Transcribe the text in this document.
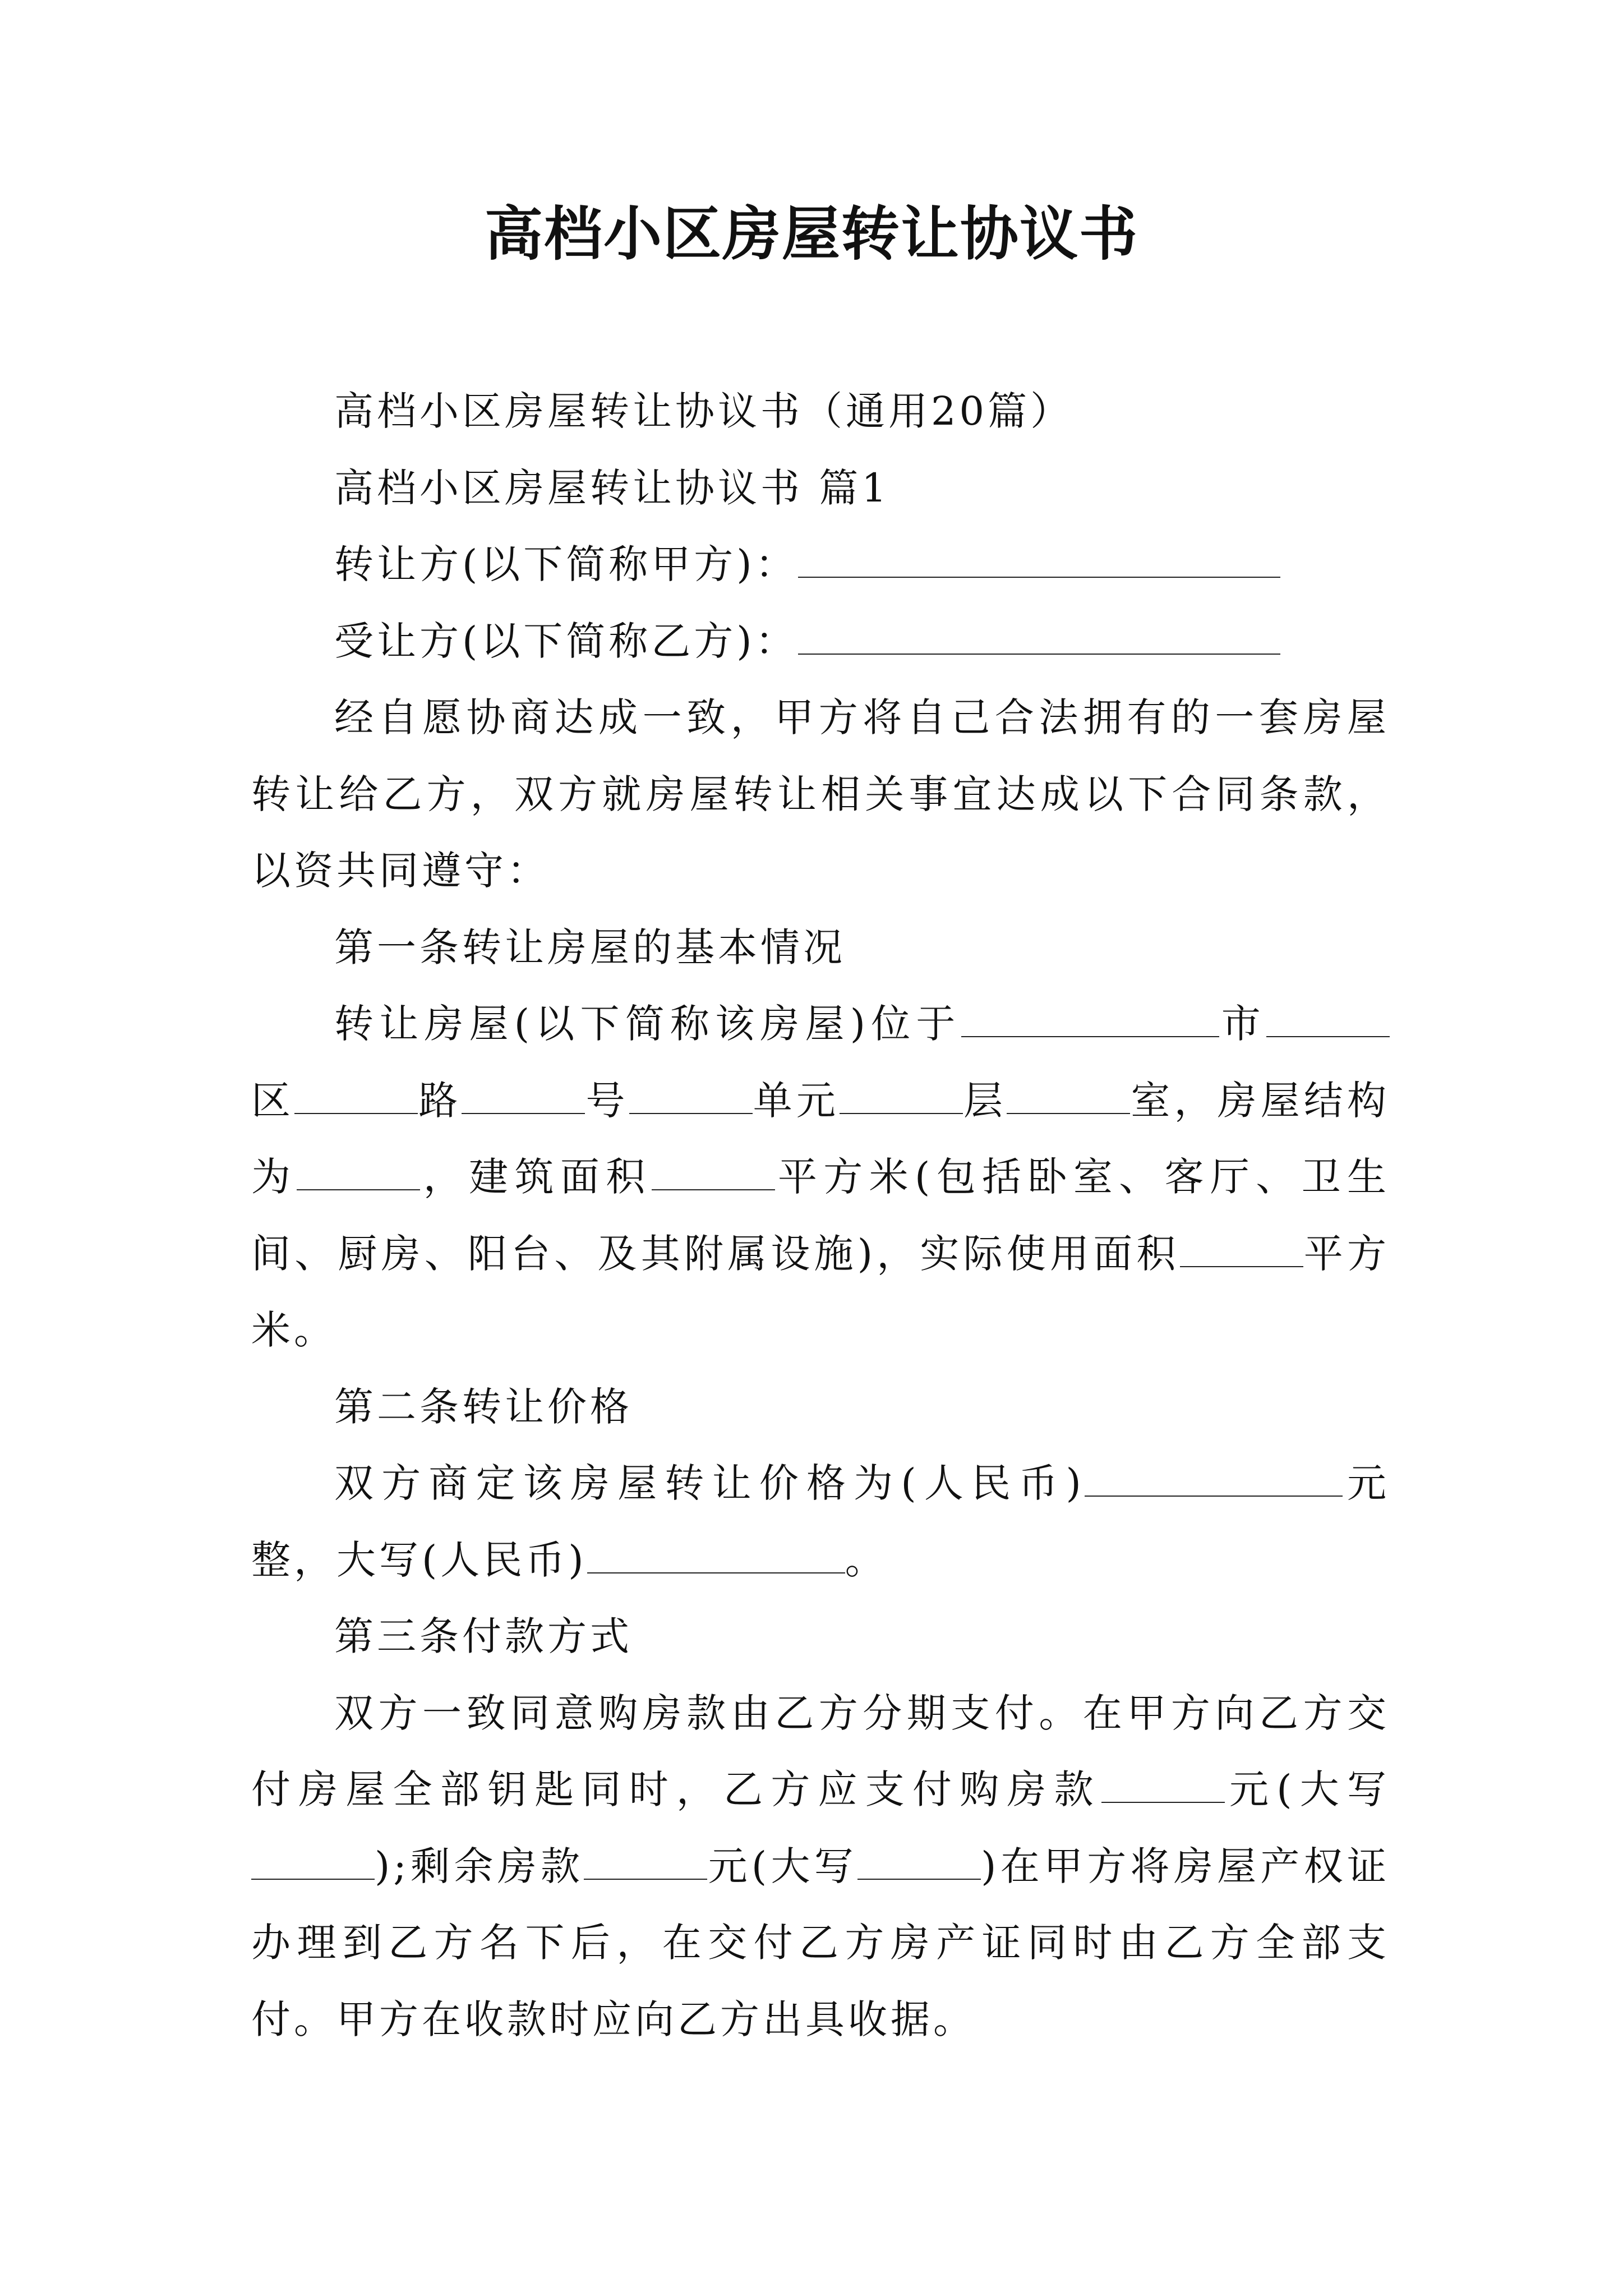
高档小区房屋转让协议书

高档小区房屋转让协议书（通用20篇）

高档小区房屋转让协议书 篇1

转让方(以下简称甲方)：

受让方(以下简称乙方)：

经自愿协商达成一致，甲方将自己合法拥有的一套房屋转让给乙方，双方就房屋转让相关事宜达成以下合同条款，以资共同遵守：

第一条转让房屋的基本情况

转让房屋(以下简称该房屋)位于	市区	路	号	单元	层	室，房屋结构为	，建筑面积	平方米(包括卧室、客厅、卫生间、厨房、阳台、及其附属设施)，实际使用面积	平方米。

第二条转让价格

双方商定该房屋转让价格为(人民币)	元整，大写(人民币)	。

第三条付款方式

双方一致同意购房款由乙方分期支付。在甲方向乙方交付房屋全部钥匙同时，乙方应支付购房款	元(大写);剩余房款	元(大写	)在甲方将房屋产权证办理到乙方名下后，在交付乙方房产证同时由乙方全部支付。甲方在收款时应向乙方出具收据。
